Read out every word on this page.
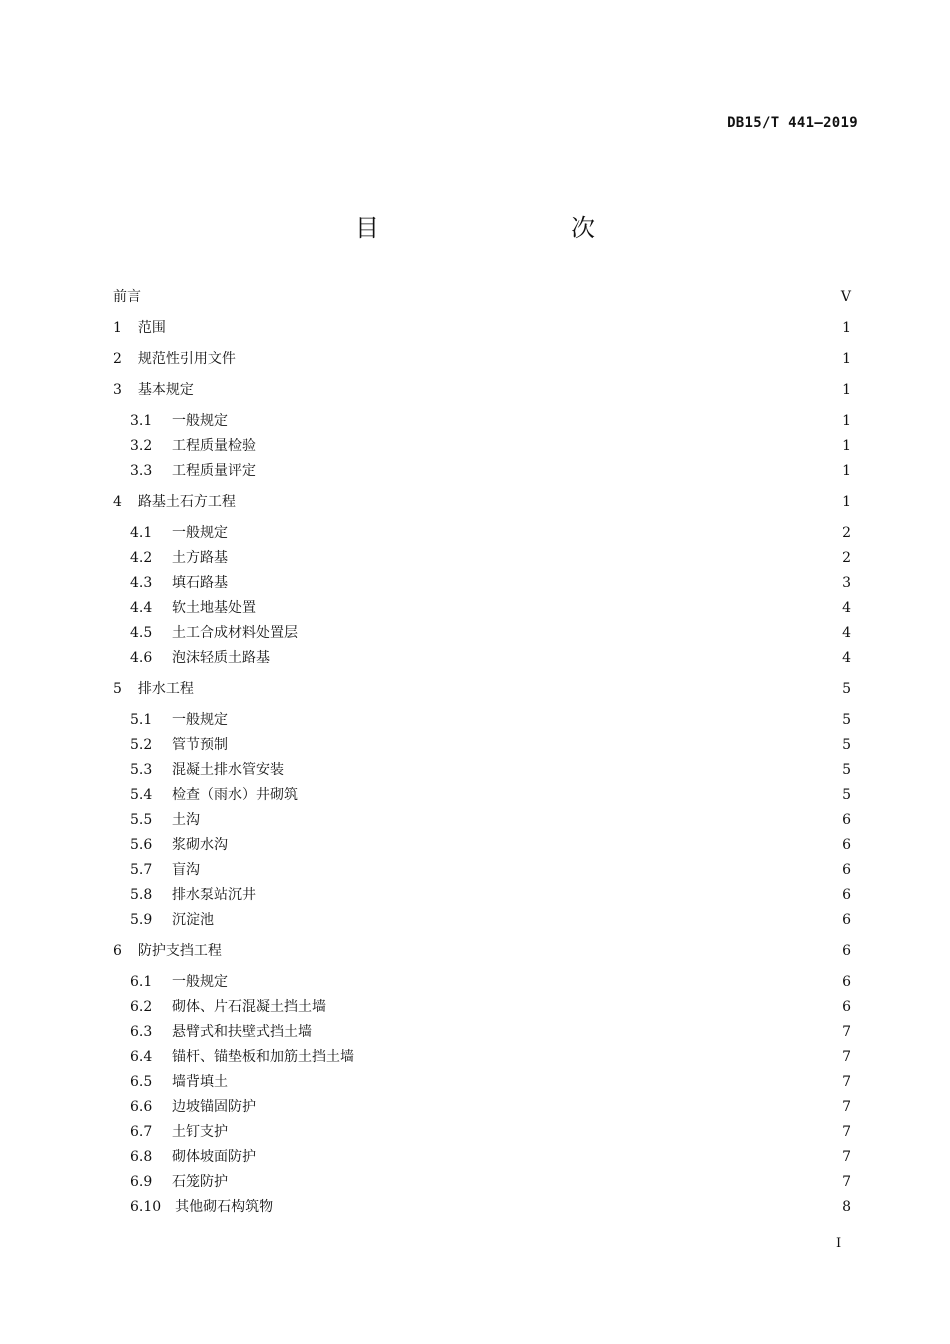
DB15/T 441—2019
目　　次
前言	V
1	范围	1
2	规范性引用文件	1
3	基本规定	1
3.1	一般规定	1
3.2	工程质量检验	1
3.3	工程质量评定	1
4	路基土石方工程	1
4.1	一般规定	2
4.2	土方路基	2
4.3	填石路基	3
4.4	软土地基处置	4
4.5	土工合成材料处置层	4
4.6	泡沫轻质土路基	4
5	排水工程	5
5.1	一般规定	5
5.2	管节预制	5
5.3	混凝土排水管安装	5
5.4	检查（雨水）井砌筑	5
5.5	土沟	6
5.6	浆砌水沟	6
5.7	盲沟	6
5.8	排水泵站沉井	6
5.9	沉淀池	6
6	防护支挡工程	6
6.1	一般规定	6
6.2	砌体、片石混凝土挡土墙	6
6.3	悬臂式和扶壁式挡土墙	7
6.4	锚杆、锚垫板和加筋土挡土墙	7
6.5	墙背填土	7
6.6	边坡锚固防护	7
6.7	土钉支护	7
6.8	砌体坡面防护	7
6.9	石笼防护	7
6.10	其他砌石构筑物	8
I
